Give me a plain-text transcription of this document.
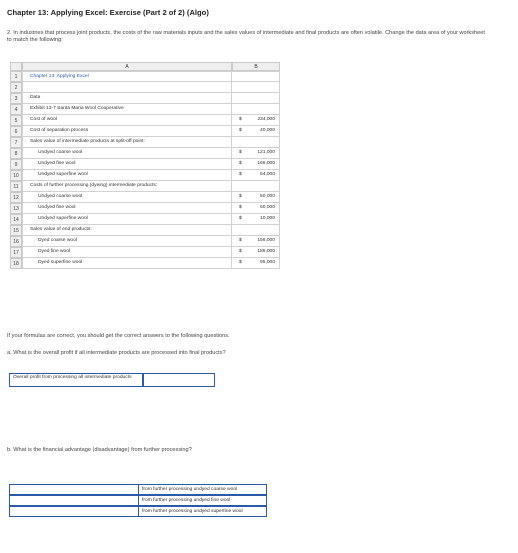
Chapter 13: Applying Excel: Exercise (Part 2 of 2) (Algo)
2. In industries that process joint products, the costs of the raw materials inputs and the sales values of intermediate and final products are often volatile. Change the data area of your worksheet to match the following:
A	B
1	Chapter 13: Applying Excel
2
3	Data
4	Exhibit 13-7 Santa Maria Wool Cooperative
5	Cost of wool	$	234,000
6	Cost of separation process	$	40,000
7	Sales value of intermediate products at split-off point:
8	Undyed coarse wool	$	121,000
9	Undyed fine wool	$	166,000
10	Undyed superfine wool	$	64,000
11	Costs of further processing (dyeing) intermediate products:
12	Undyed coarse wool	$	50,000
13	Undyed fine wool	$	60,000
14	Undyed superfine wool	$	10,000
15	Sales value of end products:
16	Dyed coarse wool	$	156,000
17	Dyed fine wool	$	186,000
18	Dyed superfine wool	$	95,000
If your formulas are correct, you should get the correct answers to the following questions.
a. What is the overall profit if all intermediate products are processed into final products?
Overall profit from processing all intermediate products
b. What is the financial advantage (disadvantage) from further processing?
from further processing undyed coarse wool
from further processing undyed fine wool
from further processing undyed superfine wool
